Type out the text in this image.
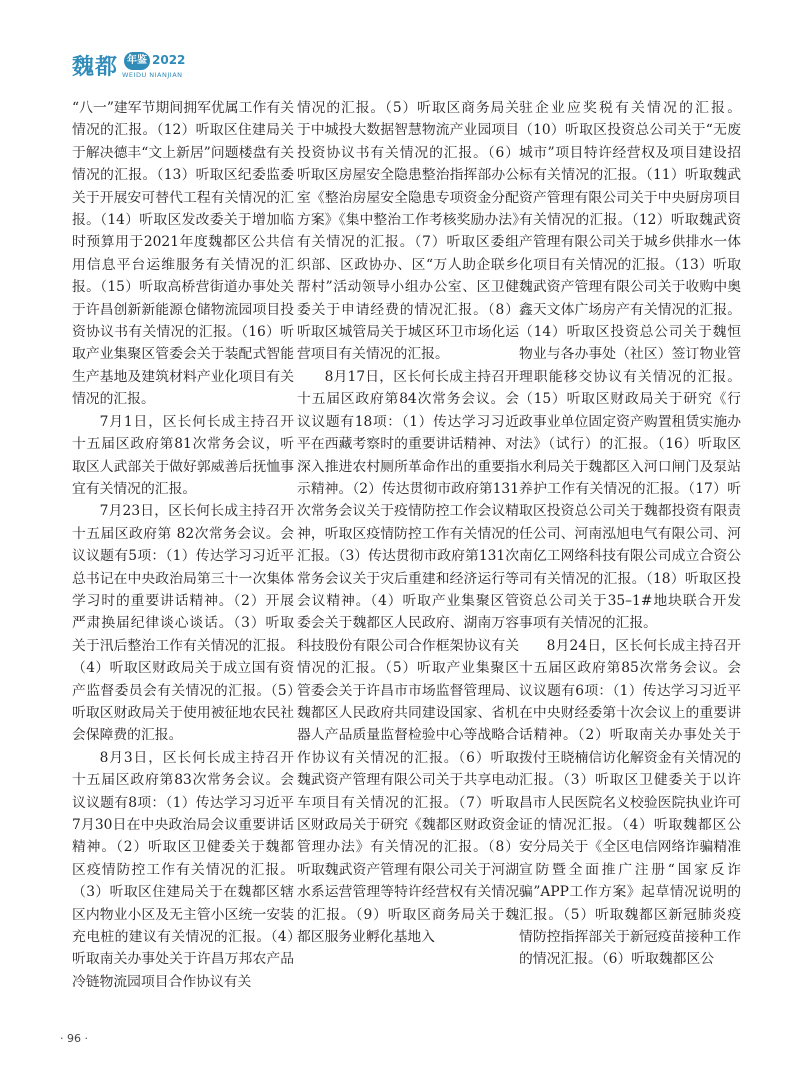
魏都 年鉴 2022
WEIDU NIANJIAN

“八一”建军节期间拥军优属工作有关情况的汇报。（12）听取区住建局关于解决德丰“文上新居”问题楼盘有关情况的汇报。（13）听取区纪委监委关于开展安可替代工程有关情况的汇报。（14）听取区发改委关于增加临时预算用于2021年度魏都区公共信用信息平台运维服务有关情况的汇报。（15）听取高桥营街道办事处关于许昌创新新能源仓储物流园项目投资协议书有关情况的汇报。（16）听取产业集聚区管委会关于装配式智能生产基地及建筑材料产业化项目有关情况的汇报。

7月1日，区长何长成主持召开十五届区政府第81次常务会议，听取区人武部关于做好郭威善后抚恤事宜有关情况的汇报。

7月23日，区长何长成主持召开十五届区政府第 82次常务会议。会议议题有5项：（1）传达学习习近平总书记在中央政治局第三十一次集体学习时的重要讲话精神。（2）开展严肃换届纪律谈心谈话。（3）听取关于汛后整治工作有关情况的汇报。（4）听取区财政局关于成立国有资产监督委员会有关情况的汇报。（5）听取区财政局关于使用被征地农民社会保障费的汇报。

8月3日，区长何长成主持召开十五届区政府第83次常务会议。会议议题有8项：（1）传达学习习近平7月30日在中央政治局会议重要讲话精神。（2）听取区卫健委关于魏都区疫情防控工作有关情况的汇报。（3）听取区住建局关于在魏都区辖区内物业小区及无主管小区统一安装充电桩的建议有关情况的汇报。（4）听取南关办事处关于许昌万邦农产品冷链物流园项目合作协议有关

情况的汇报。（5）听取区商务局关于中城投大数据智慧物流产业园项目投资协议书有关情况的汇报。（6）听取区房屋安全隐患整治指挥部办公室《整治房屋安全隐患专项资金分配方案》《集中整治工作考核奖励办法》有关情况的汇报。（7）听取区委组织部、区政协办、区“万人助企联乡帮村”活动领导小组办公室、区卫健委关于申请经费的情况汇报。（8）听取区城管局关于城区环卫市场化运营项目有关情况的汇报。

8月17日，区长何长成主持召开十五届区政府第84次常务会议。会议议题有18项：（1）传达学习习近平在西藏考察时的重要讲话精神、对深入推进农村厕所革命作出的重要指示精神。（2）传达贯彻市政府第131次常务会议关于疫情防控工作会议精神，听取区疫情防控工作有关情况的汇报。（3）传达贯彻市政府第131次常务会议关于灾后重建和经济运行等会议精神。（4）听取产业集聚区管委会关于魏都区人民政府、湖南万容科技股份有限公司合作框架协议有关情况的汇报。（5）听取产业集聚区管委会关于许昌市市场监督管理局、魏都区人民政府共同建设国家、省机器人产品质量监督检验中心等战略合作协议有关情况的汇报。（6）听取魏武资产管理有限公司关于共享电动车项目有关情况的汇报。（7）听取区财政局关于研究《魏都区财政资金管理办法》有关情况的汇报。（8）听取魏武资产管理有限公司关于河湖水系运营管理等特许经营权有关情况的汇报。（9）听取区商务局关于魏都区服务业孵化基地入

驻企业应奖税有关情况的汇报。（10）听取区投资总公司关于“无废城市”项目特许经营权及项目建设招标有关情况的汇报。（11）听取魏武资产管理有限公司关于中央厨房项目有关情况的汇报。（12）听取魏武资产管理有限公司关于城乡供排水一体化项目有关情况的汇报。（13）听取魏武资产管理有限公司关于收购中奥鑫天文体广场房产有关情况的汇报。（14）听取区投资总公司关于魏恒物业与各办事处（社区）签订物业管理职能移交协议有关情况的汇报。（15）听取区财政局关于研究《行政事业单位固定资产购置租赁实施办法》（试行）的汇报。（16）听取区水利局关于魏都区入河口闸门及泵站养护工作有关情况的汇报。（17）听取区投资总公司关于魏都投资有限责任公司、河南泓旭电气有限公司、河南亿工网络科技有限公司成立合资公司有关情况的汇报。（18）听取区投资总公司关于35–1#地块联合开发事项有关情况的汇报。

8月24日，区长何长成主持召开十五届区政府第85次常务会议。会议议题有6项：（1）传达学习习近平在中央财经委第十次会议上的重要讲话精神。（2）听取南关办事处关于拨付王晓楠信访化解资金有关情况的汇报。（3）听取区卫健委关于以许昌市人民医院名义校验医院执业许可证的情况汇报。（4）听取魏都区公安分局关于《全区电信网络诈骗精准宣防暨全面推广注册“国家反诈骗”APP工作方案》起草情况说明的汇报。（5）听取魏都区新冠肺炎疫情防控指挥部关于新冠疫苗接种工作的情况汇报。（6）听取魏都区公

· 96 ·
